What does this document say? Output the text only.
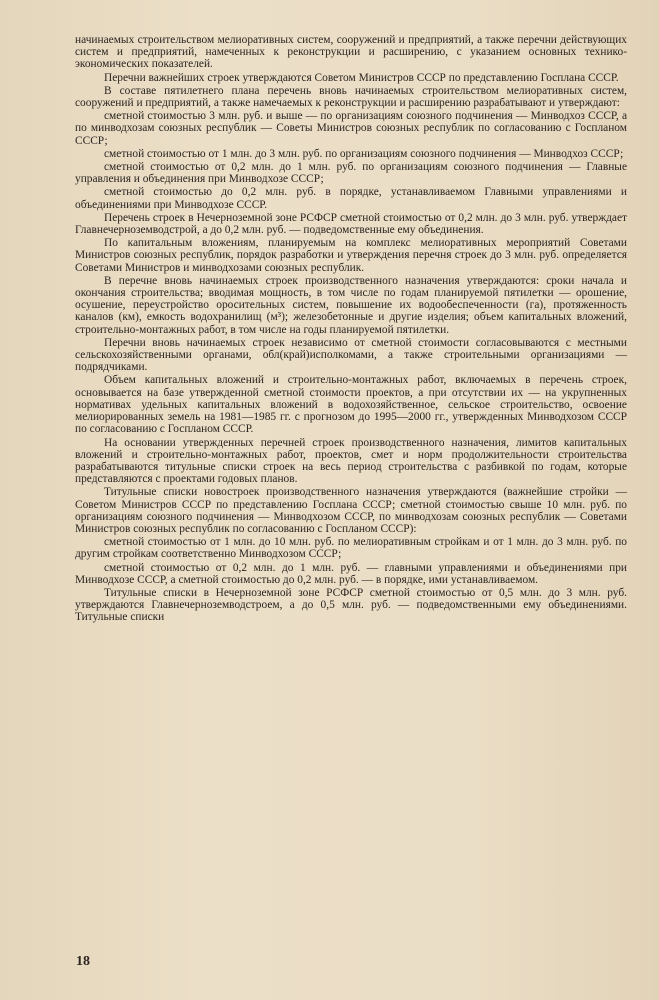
начинаемых строительством мелиоративных систем, сооружений и предприятий, а также перечни действующих систем и предприятий, намеченных к реконструкции и расширению, с указанием основных технико-экономических показателей.

Перечни важнейших строек утверждаются Советом Министров СССР по представлению Госплана СССР.

В составе пятилетнего плана перечень вновь начинаемых строительством мелиоративных систем, сооружений и предприятий, а также намечаемых к реконструкции и расширению разрабатывают и утверждают:

сметной стоимостью 3 млн. руб. и выше — по организациям союзного подчинения — Минводхоз СССР, а по минводхозам союзных республик — Советы Министров союзных республик по согласованию с Госпланом СССР;

сметной стоимостью от 1 млн. до 3 млн. руб. по организациям союзного подчинения — Минводхоз СССР;

сметной стоимостью от 0,2 млн. до 1 млн. руб. по организациям союзного подчинения — Главные управления и объединения при Минводхозе СССР;

сметной стоимостью до 0,2 млн. руб. в порядке, устанавливаемом Главными управлениями и объединениями при Минводхозе СССР.

Перечень строек в Нечерноземной зоне РСФСР сметной стоимостью от 0,2 млн. до 3 млн. руб. утверждает Главнечерноземводстрой, а до 0,2 млн. руб. — подведомственные ему объединения.

По капитальным вложениям, планируемым на комплекс мелиоративных мероприятий Советами Министров союзных республик, порядок разработки и утверждения перечня строек до 3 млн. руб. определяется Советами Министров и минводхозами союзных республик.

В перечне вновь начинаемых строек производственного назначения утверждаются: сроки начала и окончания строительства; вводимая мощность, в том числе по годам планируемой пятилетки — орошение, осушение, переустройство оросительных систем, повышение их водообеспеченности (га), протяженность каналов (км), емкость водохранилищ (м³); железобетонные и другие изделия; объем капитальных вложений, строительно-монтажных работ, в том числе на годы планируемой пятилетки.

Перечни вновь начинаемых строек независимо от сметной стоимости согласовываются с местными сельскохозяйственными органами, обл(край)исполкомами, а также строительными организациями — подрядчиками.

Объем капитальных вложений и строительно-монтажных работ, включаемых в перечень строек, основывается на базе утвержденной сметной стоимости проектов, а при отсутствии их — на укрупненных нормативах удельных капитальных вложений в водохозяйственное, сельское строительство, освоение мелиорированных земель на 1981—1985 гг. с прогнозом до 1995—2000 гг., утвержденных Минводхозом СССР по согласованию с Госпланом СССР.

На основании утвержденных перечней строек производственного назначения, лимитов капитальных вложений и строительно-монтажных работ, проектов, смет и норм продолжительности строительства разрабатываются титульные списки строек на весь период строительства с разбивкой по годам, которые представляются с проектами годовых планов.

Титульные списки новостроек производственного назначения утверждаются (важнейшие стройки — Советом Министров СССР по представлению Госплана СССР; сметной стоимостью свыше 10 млн. руб. по организациям союзного подчинения — Минводхозом СССР, по минводхозам союзных республик — Советами Министров союзных республик по согласованию с Госпланом СССР):

сметной стоимостью от 1 млн. до 10 млн. руб. по мелиоративным стройкам и от 1 млн. до 3 млн. руб. по другим стройкам соответственно Минводхозом СССР;

сметной стоимостью от 0,2 млн. до 1 млн. руб. — главными управлениями и объединениями при Минводхозе СССР, а сметной стоимостью до 0,2 млн. руб. — в порядке, ими устанавливаемом.

Титульные списки в Нечерноземной зоне РСФСР сметной стоимостью от 0,5 млн. до 3 млн. руб. утверждаются Главнечерноземводстроем, а до 0,5 млн. руб. — подведомственными ему объединениями. Титульные списки

18
